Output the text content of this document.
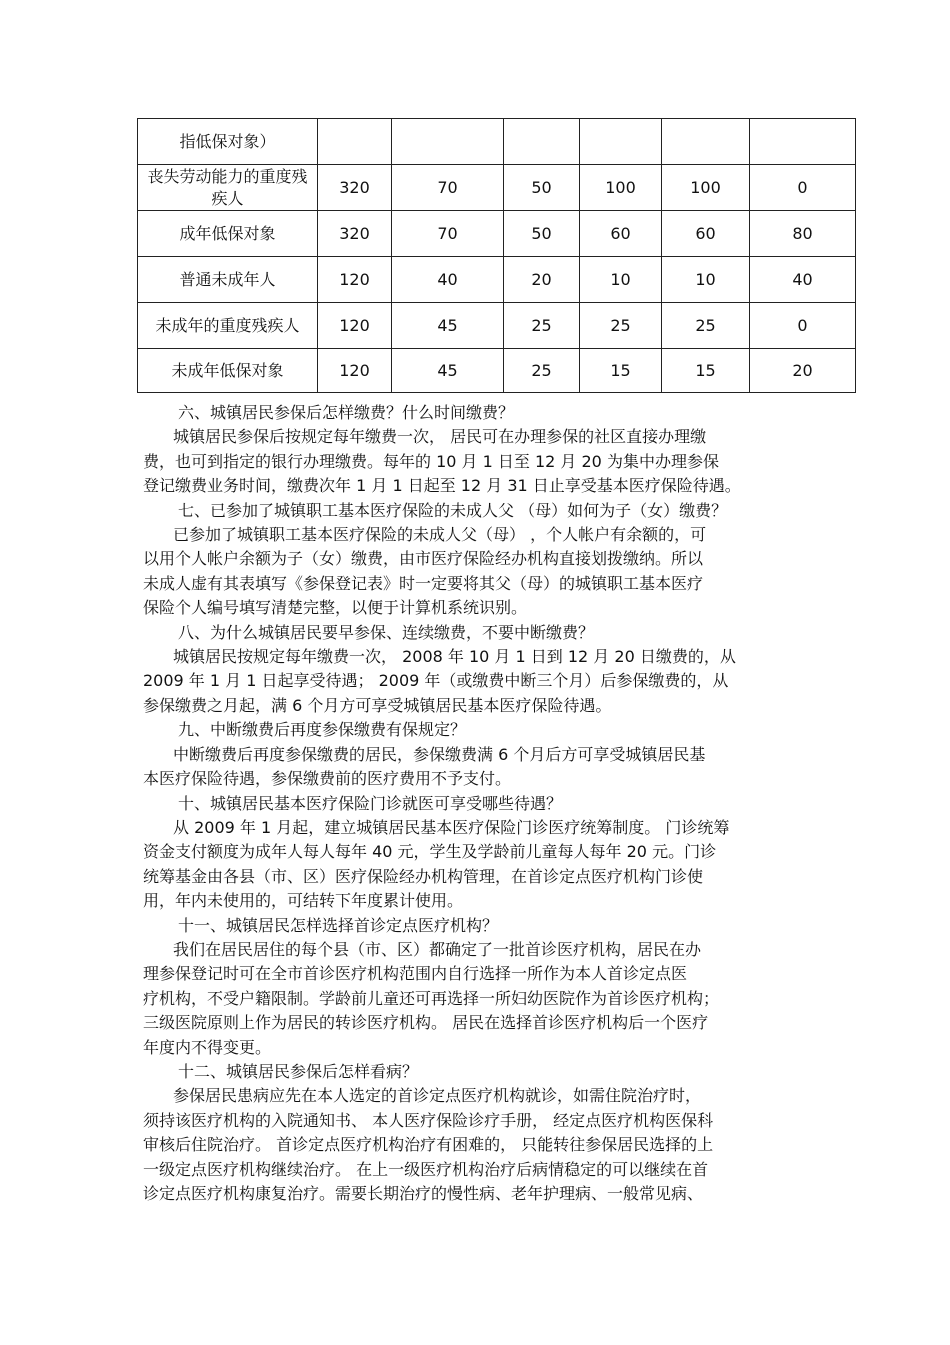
指低保对象）						
丧失劳动能力的重度残疾人	320	70	50	100	100	0
成年低保对象	320	70	50	60	60	80
普通未成年人	120	40	20	10	10	40
未成年的重度残疾人	120	45	25	25	25	0
未成年低保对象	120	45	25	15	15	20

六、城镇居民参保后怎样缴费？什么时间缴费？

城镇居民参保后按规定每年缴费一次， 居民可在办理参保的社区直接办理缴

费，也可到指定的银行办理缴费。每年的 10 月 1 日至 12 月 20 为集中办理参保

登记缴费业务时间，缴费次年 1 月 1 日起至 12 月 31 日止享受基本医疗保险待遇。

七、已参加了城镇职工基本医疗保险的未成人父 （母）如何为子（女）缴费？

已参加了城镇职工基本医疗保险的未成人父（母） ，个人帐户有余额的，可

以用个人帐户余额为子（女）缴费，由市医疗保险经办机构直接划拨缴纳。所以

未成人虚有其表填写《参保登记表》时一定要将其父（母）的城镇职工基本医疗

保险个人编号填写清楚完整，以便于计算机系统识别。

八、为什么城镇居民要早参保、连续缴费，不要中断缴费？

城镇居民按规定每年缴费一次， 2008 年 10 月 1 日到 12 月 20 日缴费的，从

2009 年 1 月 1 日起享受待遇； 2009 年（或缴费中断三个月）后参保缴费的，从

参保缴费之月起，满 6 个月方可享受城镇居民基本医疗保险待遇。

九、中断缴费后再度参保缴费有保规定？

中断缴费后再度参保缴费的居民，参保缴费满 6 个月后方可享受城镇居民基

本医疗保险待遇，参保缴费前的医疗费用不予支付。

十、城镇居民基本医疗保险门诊就医可享受哪些待遇？

从 2009 年 1 月起，建立城镇居民基本医疗保险门诊医疗统筹制度。 门诊统筹

资金支付额度为成年人每人每年 40 元，学生及学龄前儿童每人每年 20 元。门诊

统筹基金由各县（市、区）医疗保险经办机构管理，在首诊定点医疗机构门诊使

用，年内未使用的，可结转下年度累计使用。

十一、城镇居民怎样选择首诊定点医疗机构？

我们在居民居住的每个县（市、区）都确定了一批首诊医疗机构，居民在办

理参保登记时可在全市首诊医疗机构范围内自行选择一所作为本人首诊定点医

疗机构，不受户籍限制。学龄前儿童还可再选择一所妇幼医院作为首诊医疗机构；

三级医院原则上作为居民的转诊医疗机构。 居民在选择首诊医疗机构后一个医疗

年度内不得变更。

十二、城镇居民参保后怎样看病？

参保居民患病应先在本人选定的首诊定点医疗机构就诊，如需住院治疗时，

须持该医疗机构的入院通知书、 本人医疗保险诊疗手册， 经定点医疗机构医保科

审核后住院治疗。 首诊定点医疗机构治疗有困难的， 只能转往参保居民选择的上

一级定点医疗机构继续治疗。 在上一级医疗机构治疗后病情稳定的可以继续在首

诊定点医疗机构康复治疗。需要长期治疗的慢性病、老年护理病、一般常见病、
